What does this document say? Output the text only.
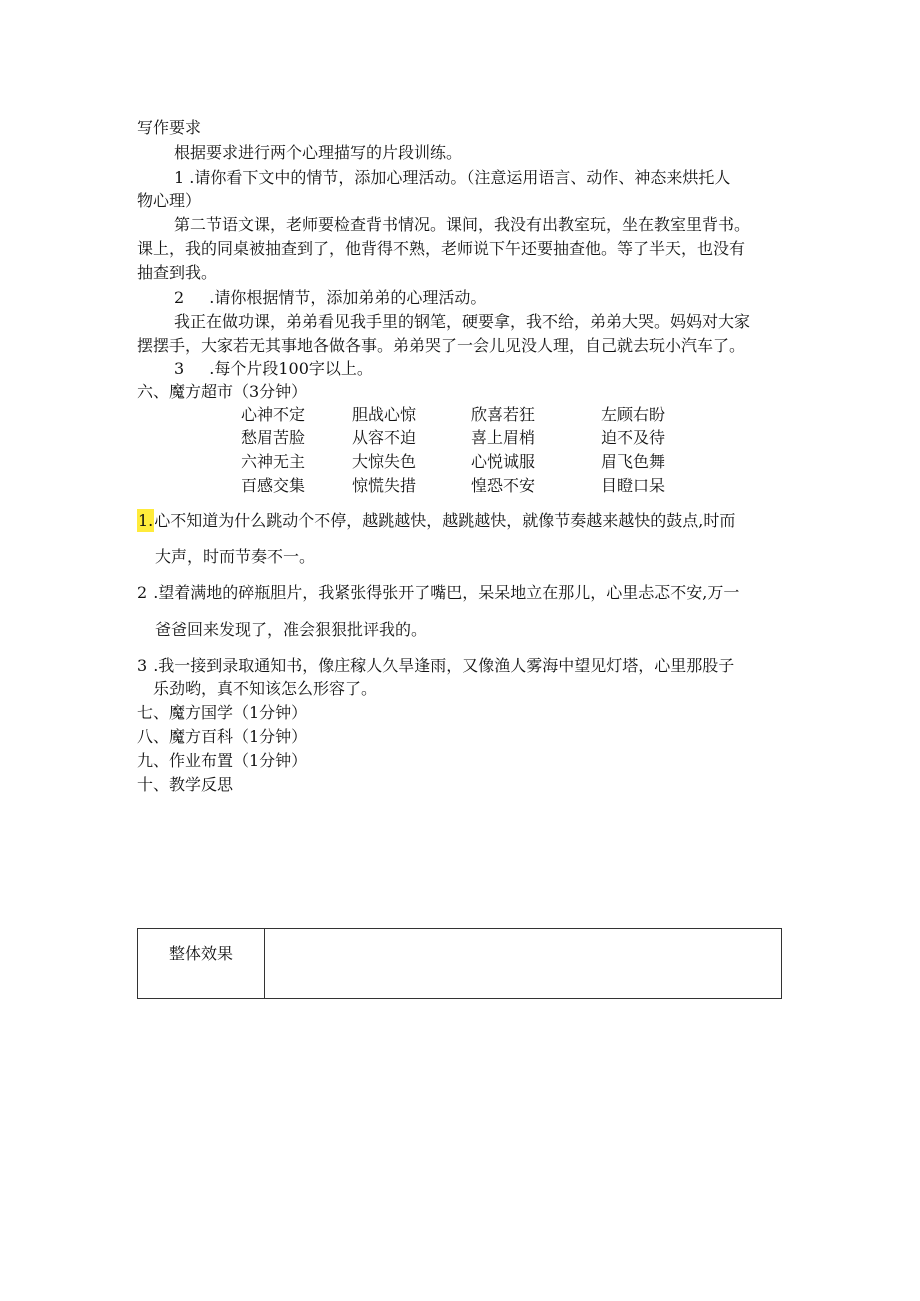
写作要求
根据要求进行两个心理描写的片段训练。
1 .请你看下文中的情节，添加心理活动。（注意运用语言、动作、神态来烘托人
物心理）
第二节语文课，老师要检查背书情况。课间，我没有出教室玩，坐在教室里背书。
课上，我的同桌被抽查到了，他背得不熟，老师说下午还要抽查他。等了半天，也没有
抽查到我。
2 .请你根据情节，添加弟弟的心理活动。
我正在做功课，弟弟看见我手里的钢笔，硬要拿，我不给，弟弟大哭。妈妈对大家
摆摆手，大家若无其事地各做各事。弟弟哭了一会儿见没人理，自己就去玩小汽车了。
3 .每个片段100字以上。
六、魔方超市（3分钟）
心神不定	胆战心惊	欣喜若狂	左顾右盼
愁眉苦脸	从容不迫	喜上眉梢	迫不及待
六神无主	大惊失色	心悦诚服	眉飞色舞
百感交集	惊慌失措	惶恐不安	目瞪口呆
1.心不知道为什么跳动个不停，越跳越快，越跳越快，就像节奏越来越快的鼓点,时而
大声，时而节奏不一。
2 .望着满地的碎瓶胆片，我紧张得张开了嘴巴，呆呆地立在那儿，心里忐忑不安,万一
爸爸回来发现了，准会狠狠批评我的。
3 .我一接到录取通知书，像庄稼人久旱逢雨，又像渔人雾海中望见灯塔，心里那股子
乐劲哟，真不知该怎么形容了。
七、魔方国学（1分钟）
八、魔方百科（1分钟）
九、作业布置（1分钟）
十、教学反思
整体效果	
